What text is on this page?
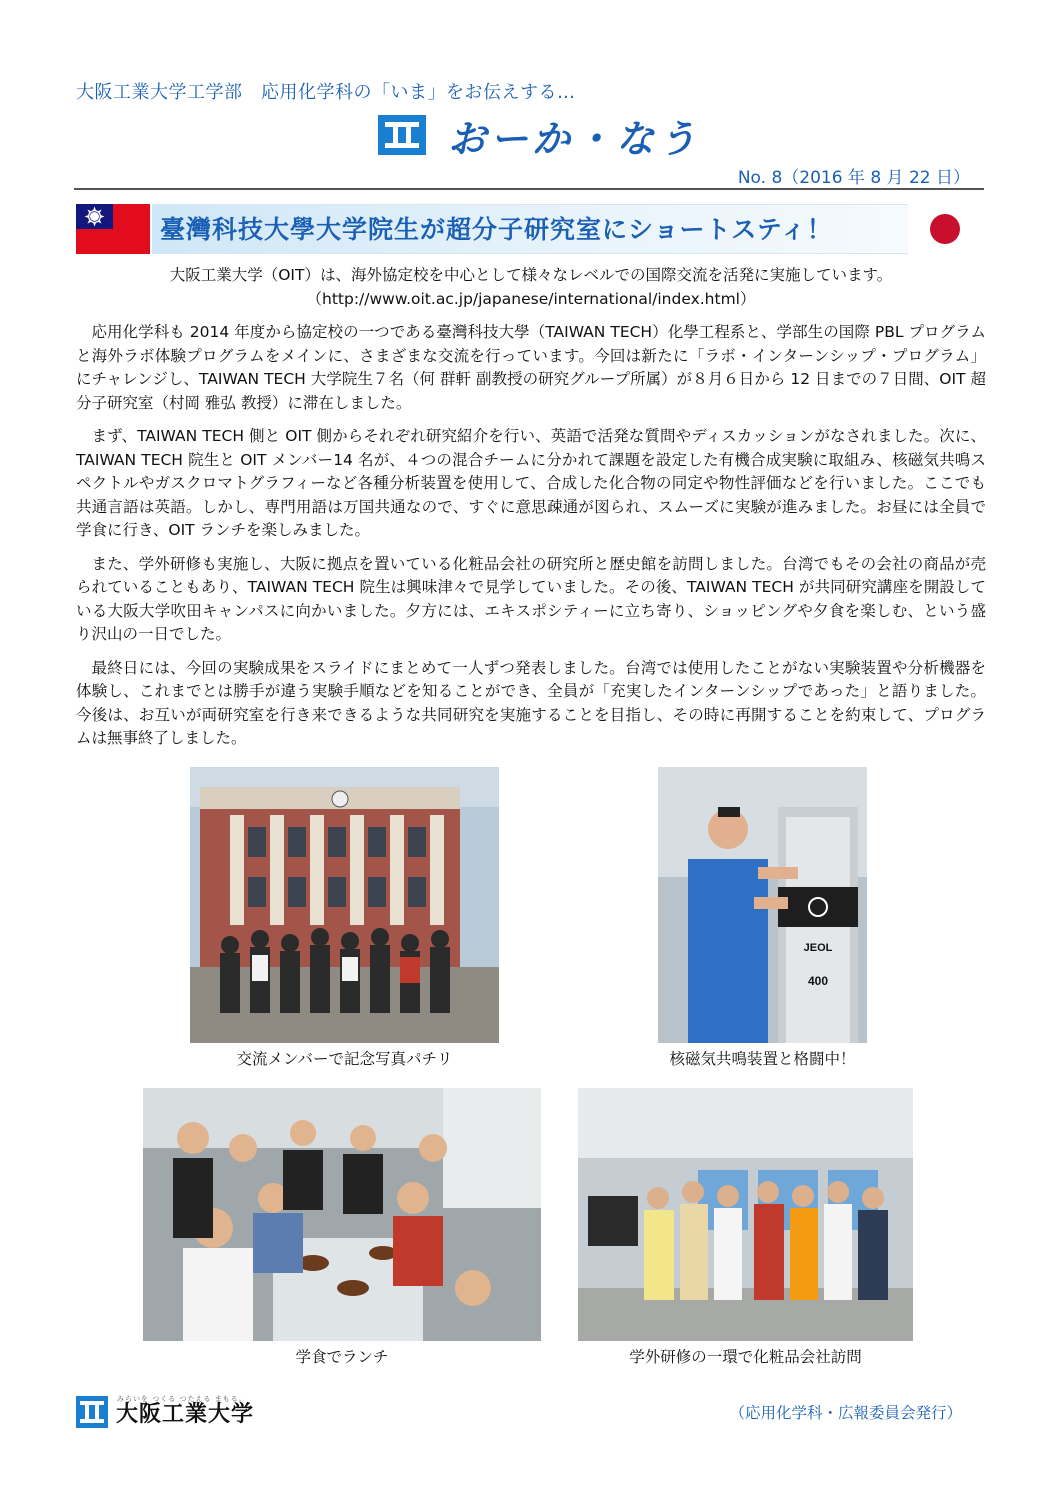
大阪工業大学工学部　応用化学科の「いま」をお伝えする…
おーか・なう
No. 8（2016 年 8 月 22 日）
臺灣科技大學大学院生が超分子研究室にショートスティ！

大阪工業大学（OIT）は、海外協定校を中心として様々なレベルでの国際交流を活発に実施しています。

（http://www.oit.ac.jp/japanese/international/index.html）

応用化学科も 2014 年度から協定校の一つである臺灣科技大學（TAIWAN TECH）化學工程系と、学部生の国際 PBL プログラムと海外ラボ体験プログラムをメインに、さまざまな交流を行っています。今回は新たに「ラボ・インターンシップ・プログラム」にチャレンジし、TAIWAN TECH 大学院生７名（何 群軒 副教授の研究グループ所属）が８月６日から 12 日までの７日間、OIT 超分子研究室（村岡 雅弘 教授）に滞在しました。

まず、TAIWAN TECH 側と OIT 側からそれぞれ研究紹介を行い、英語で活発な質問やディスカッションがなされました。次に、TAIWAN TECH 院生と OIT メンバー14 名が、４つの混合チームに分かれて課題を設定した有機合成実験に取組み、核磁気共鳴スペクトルやガスクロマトグラフィーなど各種分析装置を使用して、合成した化合物の同定や物性評価などを行いました。ここでも共通言語は英語。しかし、専門用語は万国共通なので、すぐに意思疎通が図られ、スムーズに実験が進みました。お昼には全員で学食に行き、OIT ランチを楽しみました。

また、学外研修も実施し、大阪に拠点を置いている化粧品会社の研究所と歴史館を訪問しました。台湾でもその会社の商品が売られていることもあり、TAIWAN TECH 院生は興味津々で見学していました。その後、TAIWAN TECH が共同研究講座を開設している大阪大学吹田キャンパスに向かいました。夕方には、エキスポシティーに立ち寄り、ショッピングや夕食を楽しむ、という盛り沢山の一日でした。

最終日には、今回の実験成果をスライドにまとめて一人ずつ発表しました。台湾では使用したことがない実験装置や分析機器を体験し、これまでとは勝手が違う実験手順などを知ることができ、全員が「充実したインターンシップであった」と語りました。今後は、お互いが両研究室を行き来できるような共同研究を実施することを目指し、その時に再開することを約束して、プログラムは無事終了しました。

交流メンバーで記念写真パチリ
JEOL
400
核磁気共鳴装置と格闘中！
学食でランチ	学外研修の一環で化粧品会社訪問
みらいを つくる つたえる まもる。
大阪工業大学	（応用化学科・広報委員会発行）
